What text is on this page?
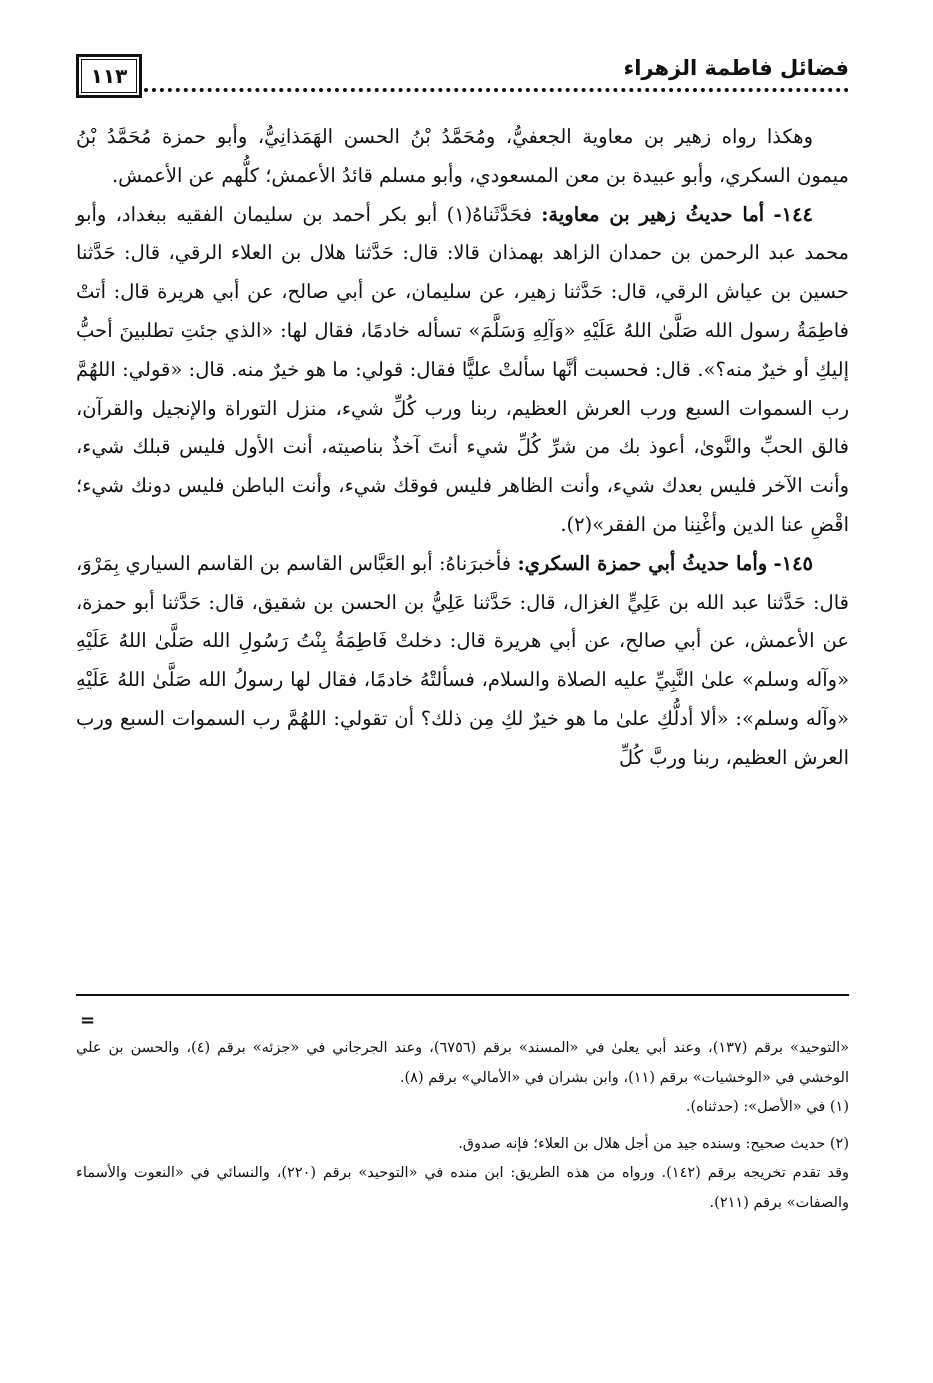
١١٣	فضائل فاطمة الزهراء

وهكذا رواه زهير بن معاوية الجعفيُّ، ومُحَمَّدُ بْنُ الحسن الهَمَذانِيُّ، وأبو حمزة مُحَمَّدُ بْنُ ميمون السكري، وأبو عبيدة بن معن المسعودي، وأبو مسلم قائدُ الأعمش؛ كلُّهم عن الأعمش.

١٤٤- أما حديثُ زهير بن معاوية: فحَدَّثَناهُ(١) أبو بكر أحمد بن سليمان الفقيه ببغداد، وأبو محمد عبد الرحمن بن حمدان الزاهد بهمذان قالا: قال: حَدَّثنا هلال بن العلاء الرقي، قال: حَدَّثنا حسين بن عياش الرقي، قال: حَدَّثنا زهير، عن سليمان، عن أبي صالح، عن أبي هريرة قال: أتتْ فاطِمَةُ رسول الله صَلَّىٰ اللهُ عَلَيْهِ «وَآلِهِ وَسَلَّمَ» تسأله خادمًا، فقال لها: «الذي جئتِ تطلبينَ أحبُّ إليكِ أو خيرٌ منه؟». قال: فحسبت أنَّها سألتْ عليًّا فقال: قولي: ما هو خيرٌ منه. قال: «قولي: اللهُمَّ رب السموات السبع ورب العرش العظيم، ربنا ورب كُلِّ شيء، منزل التوراة والإنجيل والقرآن، فالق الحبِّ والنَّوىٰ، أعوذ بك من شرِّ كُلِّ شيء أنتَ آخذٌ بناصيته، أنت الأول فليس قبلك شيء، وأنت الآخر فليس بعدك شيء، وأنت الظاهر فليس فوقك شيء، وأنت الباطن فليس دونك شيء؛ اقْضِ عنا الدين وأغْنِنا من الفقر»(٢).

١٤٥- وأما حديثُ أبي حمزة السكري: فأخبرَناهُ: أبو العَبَّاس القاسم بن القاسم السياري بِمَرْوَ، قال: حَدَّثنا عبد الله بن عَلِيٍّ الغزال، قال: حَدَّثنا عَلِيُّ بن الحسن بن شقيق، قال: حَدَّثنا أبو حمزة، عن الأعمش، عن أبي صالح، عن أبي هريرة قال: دخلتْ فَاطِمَةُ بِنْتُ رَسُولِ الله صَلَّىٰ اللهُ عَلَيْهِ «وآله وسلم» علىٰ النَّبِيِّ عليه الصلاة والسلام، فسألتْهُ خادمًا، فقال لها رسولُ الله صَلَّىٰ اللهُ عَلَيْهِ «وآله وسلم»: «ألا أدلُّكِ علىٰ ما هو خيرٌ لكِ مِن ذلك؟ أن تقولي: اللهُمَّ رب السموات السبع ورب العرش العظيم، ربنا وربَّ كُلِّ

=

«التوحيد» برقم (١٣٧)، وعند أبي يعلىٰ في «المسند» برقم (٦٧٥٦)، وعند الجرجاني في «جزئه» برقم (٤)، والحسن بن علي الوخشي في «الوخشيات» برقم (١١)، وابن بشران في «الأمالي» برقم (٨).

(١) في «الأصل»: (حدثناه).

(٢) حديث صحيح: وسنده جيد من أجل هلال بن العلاء؛ فإنه صدوق.

وقد تقدم تخريجه برقم (١٤٢). ورواه من هذه الطريق: ابن منده في «التوحيد» برقم (٢٢٠)، والنسائي في «النعوت والأسماء والصفات» برقم (٢١١).
